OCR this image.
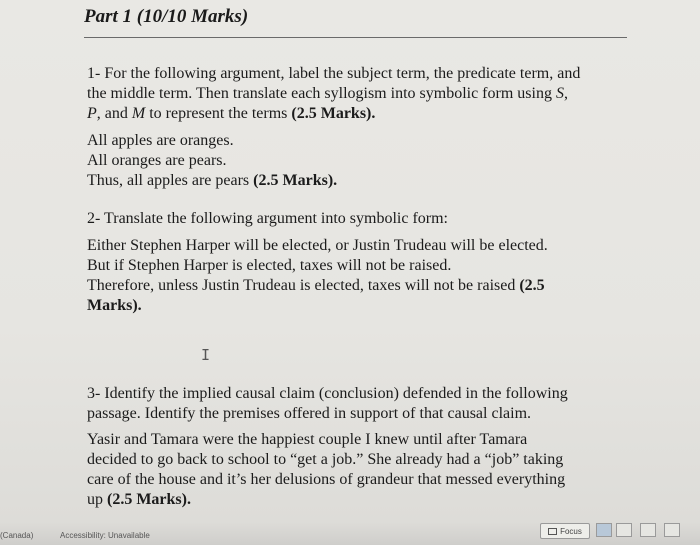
Part 1 (10/10 Marks)
1- For the following argument, label the subject term, the predicate term, and
the middle term. Then translate each syllogism into symbolic form using S,
P, and M to represent the terms (2.5 Marks).
All apples are oranges.
All oranges are pears.
Thus, all apples are pears (2.5 Marks).
2- Translate the following argument into symbolic form:
Either Stephen Harper will be elected, or Justin Trudeau will be elected.
But if Stephen Harper is elected, taxes will not be raised.
Therefore, unless Justin Trudeau is elected, taxes will not be raised (2.5
Marks).
I
3- Identify the implied causal claim (conclusion) defended in the following
passage. Identify the premises offered in support of that causal claim.
Yasir and Tamara were the happiest couple I knew until after Tamara
decided to go back to school to “get a job.” She already had a “job” taking
care of the house and it’s her delusions of grandeur that messed everything
up (2.5 Marks).
(Canada)	Accessibility: Unavailable	Focus
